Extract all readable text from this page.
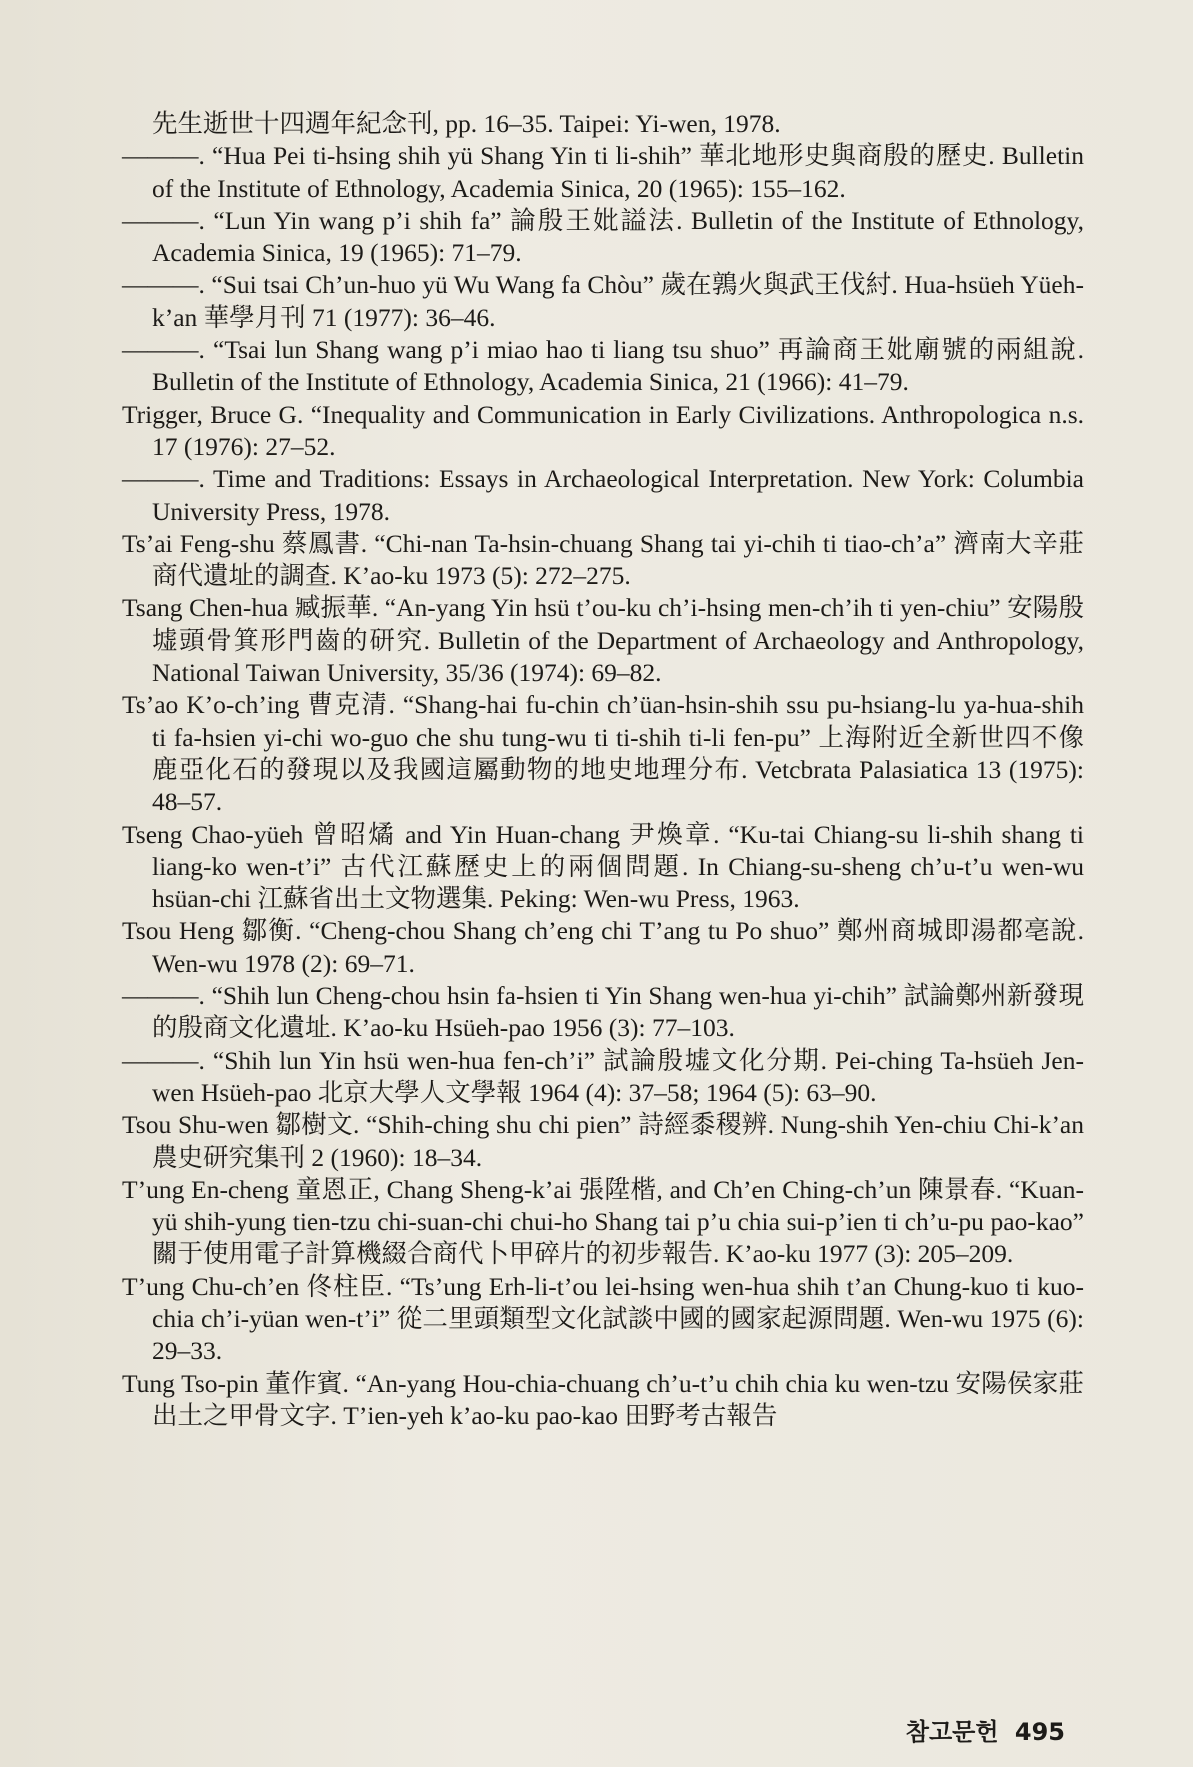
先生逝世十四週年紀念刊, pp. 16–35. Taipei: Yi-wen, 1978.
———. “Hua Pei ti-hsing shih yü Shang Yin ti li-shih” 華北地形史與商殷的歷史. Bulletin of the Institute of Ethnology, Academia Sinica, 20 (1965): 155–162.
———. “Lun Yin wang p’i shih fa” 論殷王妣謚法. Bulletin of the Institute of Ethnology, Academia Sinica, 19 (1965): 71–79.
———. “Sui tsai Ch’un-huo yü Wu Wang fa Chòu” 歲在鶉火與武王伐紂. Hua-hsüeh Yüeh-k’an 華學月刊 71 (1977): 36–46.
———. “Tsai lun Shang wang p’i miao hao ti liang tsu shuo” 再論商王妣廟號的兩組說. Bulletin of the Institute of Ethnology, Academia Sinica, 21 (1966): 41–79.
Trigger, Bruce G. “Inequality and Communication in Early Civilizations. Anthropologica n.s. 17 (1976): 27–52.
———. Time and Traditions: Essays in Archaeological Interpretation. New York: Columbia University Press, 1978.
Ts’ai Feng-shu 蔡鳳書. “Chi-nan Ta-hsin-chuang Shang tai yi-chih ti tiao-ch’a” 濟南大辛莊商代遺址的調查. K’ao-ku 1973 (5): 272–275.
Tsang Chen-hua 臧振華. “An-yang Yin hsü t’ou-ku ch’i-hsing men-ch’ih ti yen-chiu” 安陽殷墟頭骨箕形門齒的研究. Bulletin of the Department of Archaeology and Anthropology, National Taiwan University, 35/36 (1974): 69–82.
Ts’ao K’o-ch’ing 曹克清. “Shang-hai fu-chin ch’üan-hsin-shih ssu pu-hsiang-lu ya-hua-shih ti fa-hsien yi-chi wo-guo che shu tung-wu ti ti-shih ti-li fen-pu” 上海附近全新世四不像鹿亞化石的發現以及我國這屬動物的地史地理分布. Vetcbrata Palasiatica 13 (1975): 48–57.
Tseng Chao-yüeh 曾昭燏 and Yin Huan-chang 尹煥章. “Ku-tai Chiang-su li-shih shang ti liang-ko wen-t’i” 古代江蘇歷史上的兩個問題. In Chiang-su-sheng ch’u-t’u wen-wu hsüan-chi 江蘇省出土文物選集. Peking: Wen-wu Press, 1963.
Tsou Heng 鄒衡. “Cheng-chou Shang ch’eng chi T’ang tu Po shuo” 鄭州商城即湯都亳說. Wen-wu 1978 (2): 69–71.
———. “Shih lun Cheng-chou hsin fa-hsien ti Yin Shang wen-hua yi-chih” 試論鄭州新發現的殷商文化遺址. K’ao-ku Hsüeh-pao 1956 (3): 77–103.
———. “Shih lun Yin hsü wen-hua fen-ch’i” 試論殷墟文化分期. Pei-ching Ta-hsüeh Jen-wen Hsüeh-pao 北京大學人文學報 1964 (4): 37–58; 1964 (5): 63–90.
Tsou Shu-wen 鄒樹文. “Shih-ching shu chi pien” 詩經黍稷辨. Nung-shih Yen-chiu Chi-k’an 農史研究集刊 2 (1960): 18–34.
T’ung En-cheng 童恩正, Chang Sheng-k’ai 張陞楷, and Ch’en Ching-ch’un 陳景春. “Kuan-yü shih-yung tien-tzu chi-suan-chi chui-ho Shang tai p’u chia sui-p’ien ti ch’u-pu pao-kao” 關于使用電子計算機綴合商代卜甲碎片的初步報告. K’ao-ku 1977 (3): 205–209.
T’ung Chu-ch’en 佟柱臣. “Ts’ung Erh-li-t’ou lei-hsing wen-hua shih t’an Chung-kuo ti kuo-chia ch’i-yüan wen-t’i” 從二里頭類型文化試談中國的國家起源問題. Wen-wu 1975 (6): 29–33.
Tung Tso-pin 董作賓. “An-yang Hou-chia-chuang ch’u-t’u chih chia ku wen-tzu 安陽侯家莊出土之甲骨文字. T’ien-yeh k’ao-ku pao-kao 田野考古報告
참고문헌 495
